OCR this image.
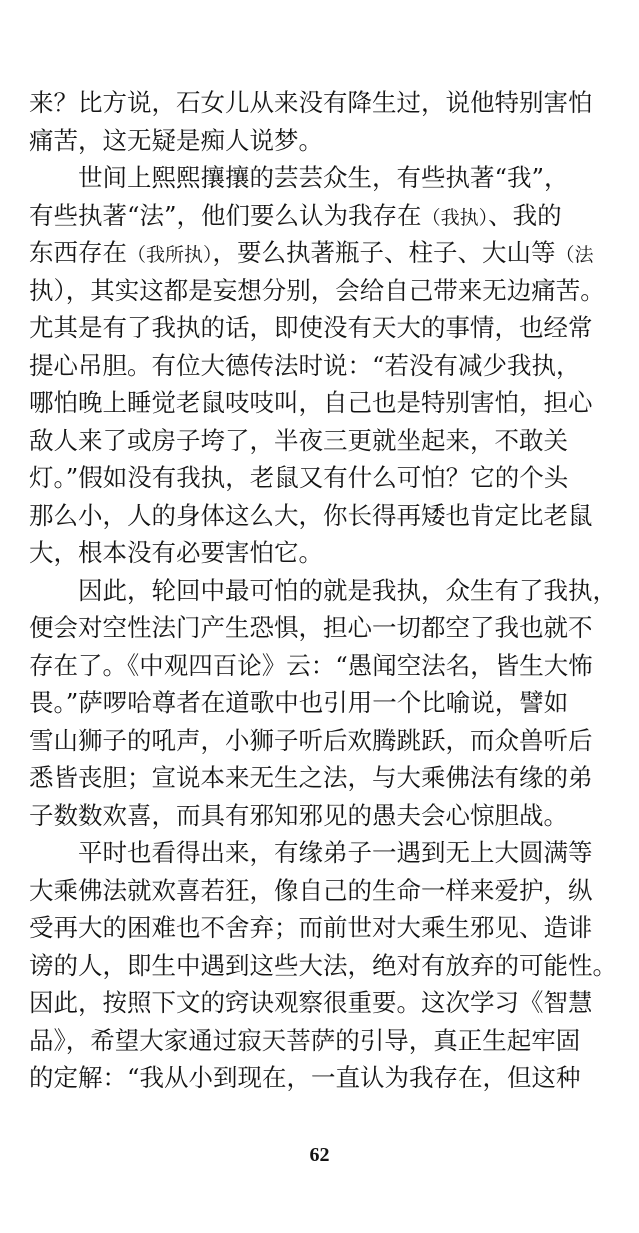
来？比方说，石女儿从来没有降生过，说他特别害怕
痛苦，这无疑是痴人说梦。
世间上熙熙攘攘的芸芸众生，有些执著“我”，
有些执著“法”，他们要么认为我存在（我执）、我的
东西存在（我所执），要么执著瓶子、柱子、大山等（法
执），其实这都是妄想分别，会给自己带来无边痛苦。
尤其是有了我执的话，即使没有天大的事情，也经常
提心吊胆。有位大德传法时说：“若没有减少我执，
哪怕晚上睡觉老鼠吱吱叫，自己也是特别害怕，担心
敌人来了或房子垮了，半夜三更就坐起来，不敢关
灯。”假如没有我执，老鼠又有什么可怕？它的个头
那么小，人的身体这么大，你长得再矮也肯定比老鼠
大，根本没有必要害怕它。
因此，轮回中最可怕的就是我执，众生有了我执，
便会对空性法门产生恐惧，担心一切都空了我也就不
存在了。《中观四百论》云：“愚闻空法名，皆生大怖
畏。”萨啰哈尊者在道歌中也引用一个比喻说，譬如
雪山狮子的吼声，小狮子听后欢腾跳跃，而众兽听后
悉皆丧胆；宣说本来无生之法，与大乘佛法有缘的弟
子数数欢喜，而具有邪知邪见的愚夫会心惊胆战。
平时也看得出来，有缘弟子一遇到无上大圆满等
大乘佛法就欢喜若狂，像自己的生命一样来爱护，纵
受再大的困难也不舍弃；而前世对大乘生邪见、造诽
谤的人，即生中遇到这些大法，绝对有放弃的可能性。
因此，按照下文的窍诀观察很重要。这次学习《智慧
品》，希望大家通过寂天菩萨的引导，真正生起牢固
的定解：“我从小到现在，一直认为我存在，但这种
62
